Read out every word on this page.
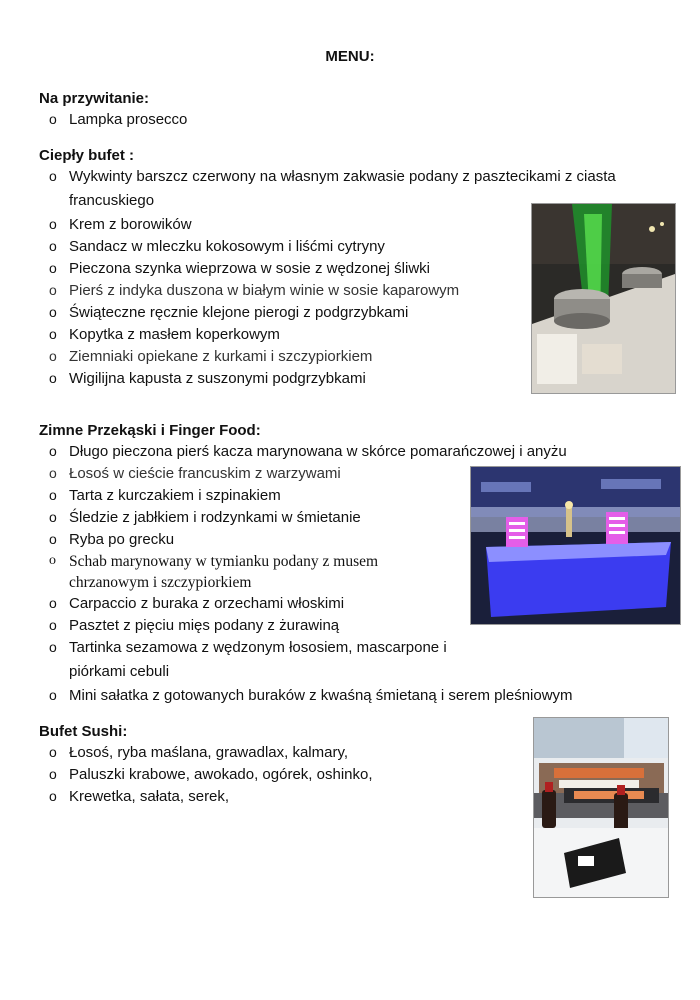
MENU:

Na przywitanie:

o Lampka prosecco

Ciepły bufet :

o Wykwinty barszcz czerwony na własnym zakwasie podany z pasztecikami z ciasta
francuskiego
o Krem z borowików
o Sandacz w mleczku kokosowym i liśćmi cytryny
o Pieczona szynka wieprzowa w sosie z wędzonej śliwki
o Pierś z indyka duszona w białym winie w sosie kaparowym
o Świąteczne ręcznie klejone pierogi z podgrzybkami
o Kopytka z masłem koperkowym
o Ziemniaki opiekane z kurkami i szczypiorkiem
o Wigilijna kapusta z suszonymi podgrzybkami

Zimne Przekąski i Finger Food:

o Długo pieczona pierś kacza marynowana w skórce pomarańczowej i anyżu
o Łosoś w cieście francuskim z warzywami
o Tarta z kurczakiem i szpinakiem
o Śledzie z jabłkiem i rodzynkami w śmietanie
o Ryba po grecku
o Schab marynowany w tymianku podany z musem
chrzanowym i szczypiorkiem
o Carpaccio z buraka z orzechami włoskimi
o Pasztet z pięciu mięs podany z żurawiną
o Tartinka sezamowa z wędzonym łososiem, mascarpone i
piórkami cebuli
o Mini sałatka z gotowanych buraków z kwaśną śmietaną i serem pleśniowym

Bufet Sushi:

o Łosoś, ryba maślana, grawadlax, kalmary,
o Paluszki krabowe, awokado, ogórek, oshinko,
o Krewetka, sałata, serek,
